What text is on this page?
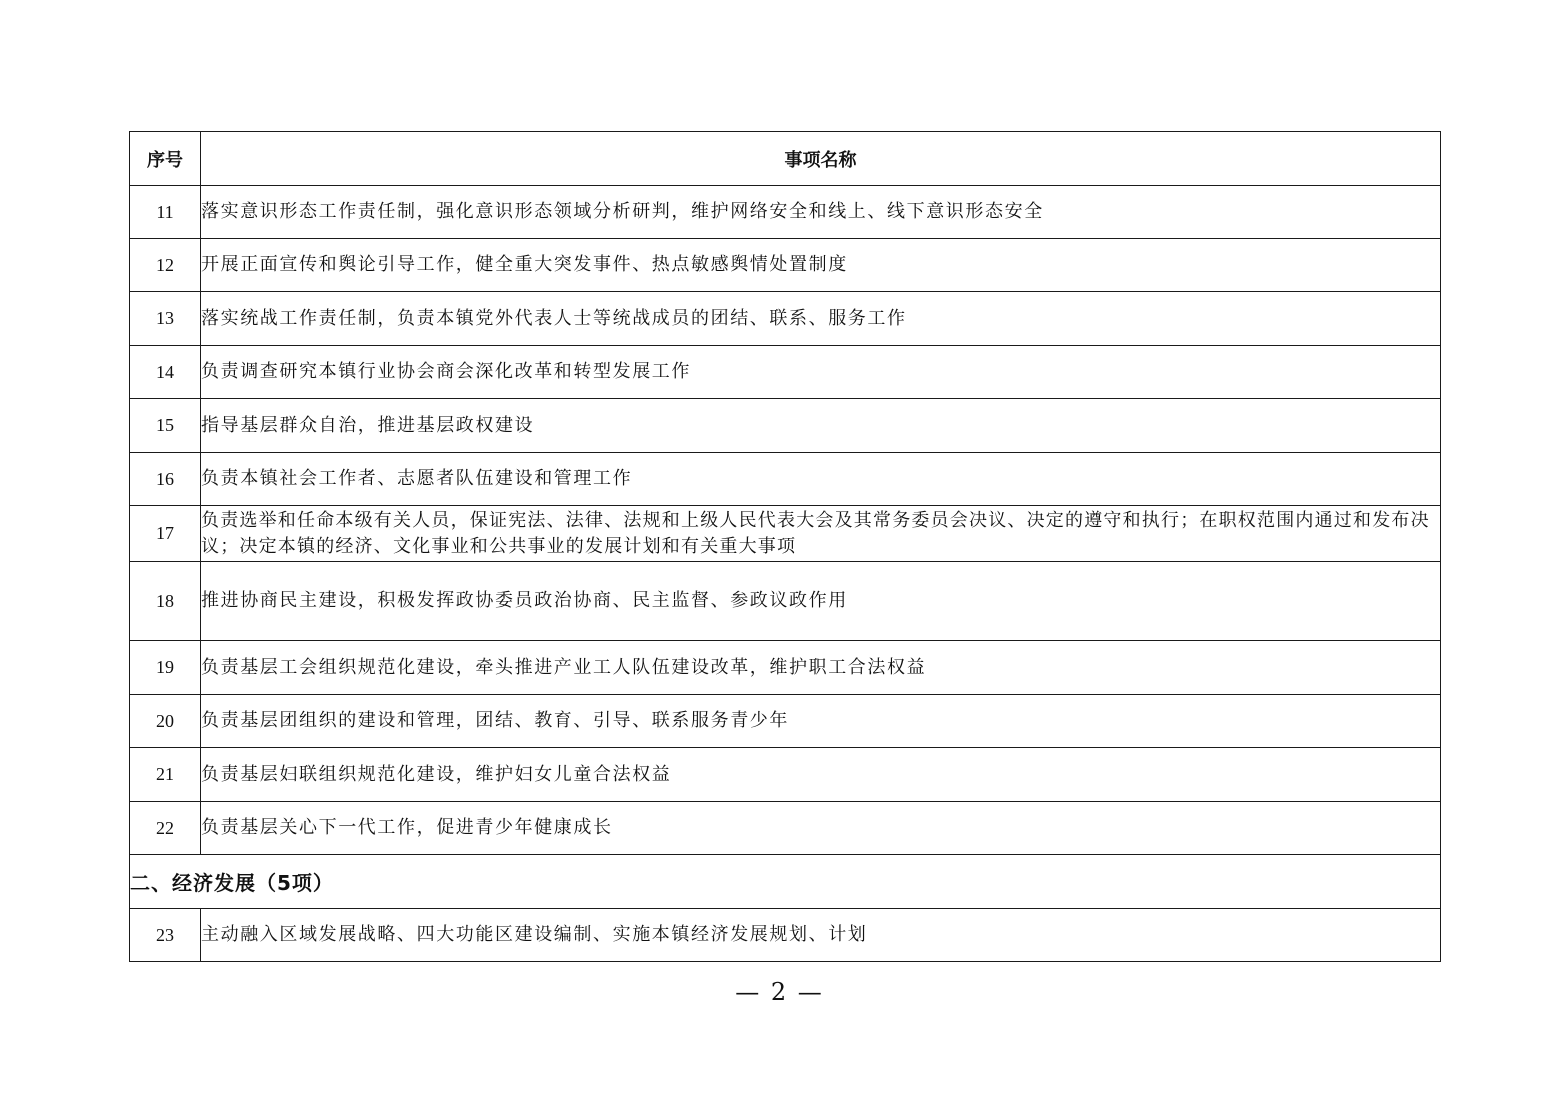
序号	事项名称
11	落实意识形态工作责任制，强化意识形态领域分析研判，维护网络安全和线上、线下意识形态安全
12	开展正面宣传和舆论引导工作，健全重大突发事件、热点敏感舆情处置制度
13	落实统战工作责任制，负责本镇党外代表人士等统战成员的团结、联系、服务工作
14	负责调查研究本镇行业协会商会深化改革和转型发展工作
15	指导基层群众自治，推进基层政权建设
16	负责本镇社会工作者、志愿者队伍建设和管理工作
17	负责选举和任命本级有关人员，保证宪法、法律、法规和上级人民代表大会及其常务委员会决议、决定的遵守和执行；在职权范围内通过和发布决议；决定本镇的经济、文化事业和公共事业的发展计划和有关重大事项
18	推进协商民主建设，积极发挥政协委员政治协商、民主监督、参政议政作用
19	负责基层工会组织规范化建设，牵头推进产业工人队伍建设改革，维护职工合法权益
20	负责基层团组织的建设和管理，团结、教育、引导、联系服务青少年
21	负责基层妇联组织规范化建设，维护妇女儿童合法权益
22	负责基层关心下一代工作，促进青少年健康成长
二、经济发展（5项）	
23	主动融入区域发展战略、四大功能区建设编制、实施本镇经济发展规划、计划
— 2 —
